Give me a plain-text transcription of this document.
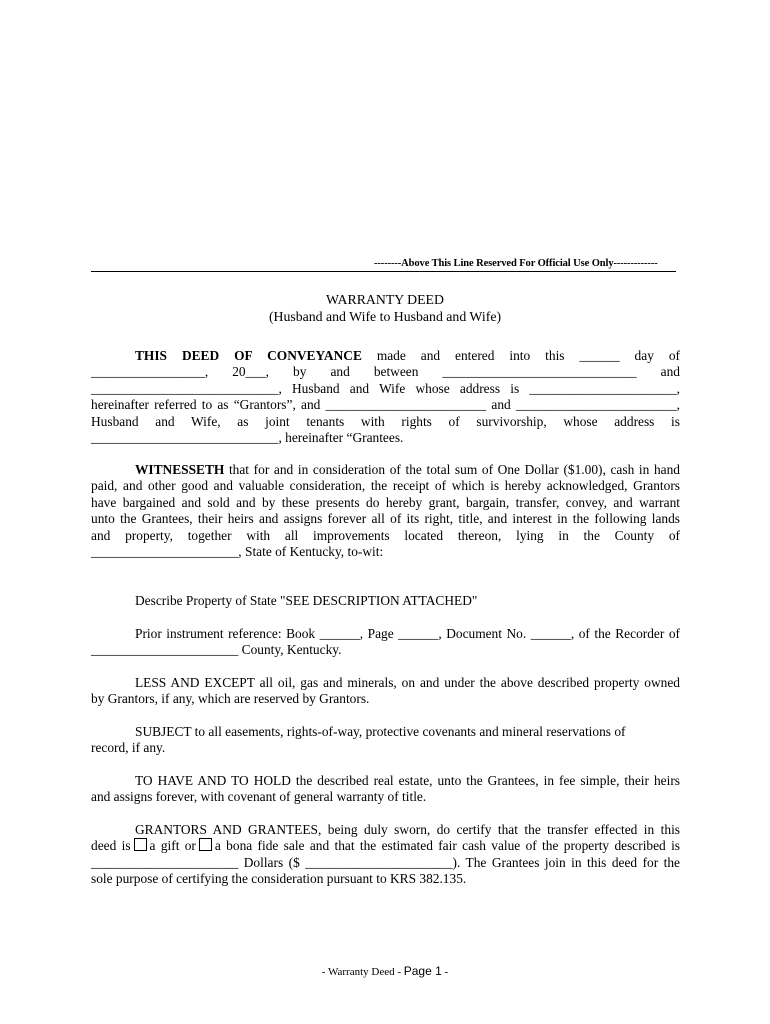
--------Above This Line Reserved For Official Use Only-------------
WARRANTY DEED
(Husband and Wife to Husband and Wife)
THIS DEED OF CONVEYANCE made and entered into this ______ day of
_________________, 20___, by and between _____________________________ and
____________________________, Husband and Wife whose address is ______________________,
hereinafter referred to as “Grantors”, and ________________________ and ________________________,
Husband and Wife, as joint tenants with rights of survivorship, whose address is
____________________________, hereinafter “Grantees.
WITNESSETH that for and in consideration of the total sum of One Dollar ($1.00), cash in hand
paid, and other good and valuable consideration, the receipt of which is hereby acknowledged, Grantors
have bargained and sold and by these presents do hereby grant, bargain, transfer, convey, and warrant
unto the Grantees, their heirs and assigns forever all of its right, title, and interest in the following lands
and property, together with all improvements located thereon, lying in the County of
______________________, State of Kentucky, to-wit:
Describe Property of State "SEE DESCRIPTION ATTACHED"
Prior instrument reference: Book ______, Page ______, Document No. ______, of the Recorder of
______________________ County, Kentucky.
LESS AND EXCEPT all oil, gas and minerals, on and under the above described property owned
by Grantors, if any, which are reserved by Grantors.
SUBJECT to all easements, rights-of-way, protective covenants and mineral reservations of
record, if any.
TO HAVE AND TO HOLD the described real estate, unto the Grantees, in fee simple, their heirs
and assigns forever, with covenant of general warranty of title.
GRANTORS AND GRANTEES, being duly sworn, do certify that the transfer effected in this
deed is a gift or a bona fide sale and that the estimated fair cash value of the property described is
______________________ Dollars ($ ______________________). The Grantees join in this deed for the
sole purpose of certifying the consideration pursuant to KRS 382.135.
- Warranty Deed - Page 1 -
